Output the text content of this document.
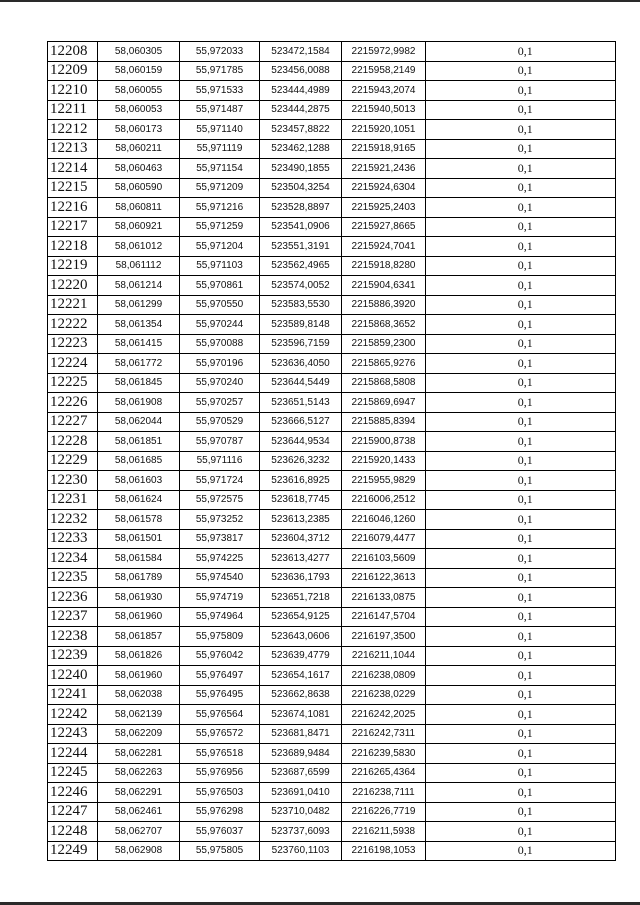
12208	58,060305	55,972033	523472,1584	2215972,9982		0,1
12209	58,060159	55,971785	523456,0088	2215958,2149		0,1
12210	58,060055	55,971533	523444,4989	2215943,2074		0,1
12211	58,060053	55,971487	523444,2875	2215940,5013		0,1
12212	58,060173	55,971140	523457,8822	2215920,1051		0,1
12213	58,060211	55,971119	523462,1288	2215918,9165		0,1
12214	58,060463	55,971154	523490,1855	2215921,2436		0,1
12215	58,060590	55,971209	523504,3254	2215924,6304		0,1
12216	58,060811	55,971216	523528,8897	2215925,2403		0,1
12217	58,060921	55,971259	523541,0906	2215927,8665		0,1
12218	58,061012	55,971204	523551,3191	2215924,7041		0,1
12219	58,061112	55,971103	523562,4965	2215918,8280		0,1
12220	58,061214	55,970861	523574,0052	2215904,6341		0,1
12221	58,061299	55,970550	523583,5530	2215886,3920		0,1
12222	58,061354	55,970244	523589,8148	2215868,3652		0,1
12223	58,061415	55,970088	523596,7159	2215859,2300		0,1
12224	58,061772	55,970196	523636,4050	2215865,9276		0,1
12225	58,061845	55,970240	523644,5449	2215868,5808		0,1
12226	58,061908	55,970257	523651,5143	2215869,6947		0,1
12227	58,062044	55,970529	523666,5127	2215885,8394		0,1
12228	58,061851	55,970787	523644,9534	2215900,8738		0,1
12229	58,061685	55,971116	523626,3232	2215920,1433		0,1
12230	58,061603	55,971724	523616,8925	2215955,9829		0,1
12231	58,061624	55,972575	523618,7745	2216006,2512		0,1
12232	58,061578	55,973252	523613,2385	2216046,1260		0,1
12233	58,061501	55,973817	523604,3712	2216079,4477		0,1
12234	58,061584	55,974225	523613,4277	2216103,5609		0,1
12235	58,061789	55,974540	523636,1793	2216122,3613		0,1
12236	58,061930	55,974719	523651,7218	2216133,0875		0,1
12237	58,061960	55,974964	523654,9125	2216147,5704		0,1
12238	58,061857	55,975809	523643,0606	2216197,3500		0,1
12239	58,061826	55,976042	523639,4779	2216211,1044		0,1
12240	58,061960	55,976497	523654,1617	2216238,0809		0,1
12241	58,062038	55,976495	523662,8638	2216238,0229		0,1
12242	58,062139	55,976564	523674,1081	2216242,2025		0,1
12243	58,062209	55,976572	523681,8471	2216242,7311		0,1
12244	58,062281	55,976518	523689,9484	2216239,5830		0,1
12245	58,062263	55,976956	523687,6599	2216265,4364		0,1
12246	58,062291	55,976503	523691,0410	2216238,7111		0,1
12247	58,062461	55,976298	523710,0482	2216226,7719		0,1
12248	58,062707	55,976037	523737,6093	2216211,5938		0,1
12249	58,062908	55,975805	523760,1103	2216198,1053		0,1
